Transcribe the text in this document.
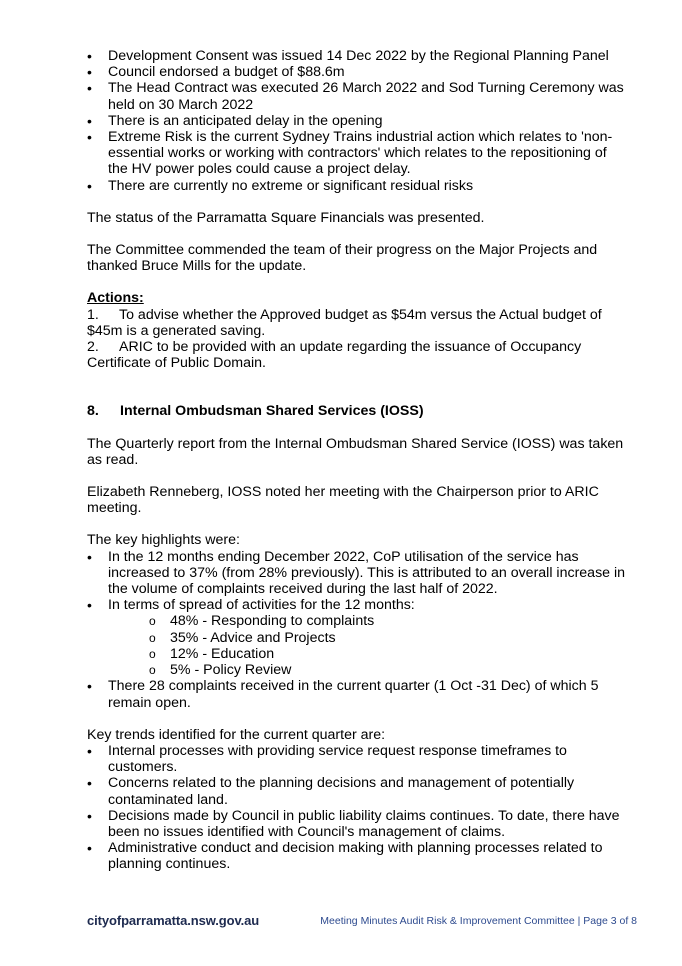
• Development Consent was issued 14 Dec 2022 by the Regional Planning Panel
• Council endorsed a budget of $88.6m
• The Head Contract was executed 26 March 2022 and Sod Turning Ceremony was held on 30 March 2022
• There is an anticipated delay in the opening
• Extreme Risk is the current Sydney Trains industrial action which relates to 'non-essential works or working with contractors' which relates to the repositioning of the HV power poles could cause a project delay.
• There are currently no extreme or significant residual risks

The status of the Parramatta Square Financials was presented.

The Committee commended the team of their progress on the Major Projects and thanked Bruce Mills for the update.

Actions:
1. To advise whether the Approved budget as $54m versus the Actual budget of $45m is a generated saving.
2. ARIC to be provided with an update regarding the issuance of Occupancy Certificate of Public Domain.
8. Internal Ombudsman Shared Services (IOSS)

The Quarterly report from the Internal Ombudsman Shared Service (IOSS) was taken as read.

Elizabeth Renneberg, IOSS noted her meeting with the Chairperson prior to ARIC meeting.

The key highlights were:

• In the 12 months ending December 2022, CoP utilisation of the service has increased to 37% (from 28% previously). This is attributed to an overall increase in the volume of complaints received during the last half of 2022.
• In terms of spread of activities for the 12 months:
o 48% - Responding to complaints
o 35% - Advice and Projects
o 12% - Education
o 5% - Policy Review
• There 28 complaints received in the current quarter (1 Oct -31 Dec) of which 5 remain open.

Key trends identified for the current quarter are:

• Internal processes with providing service request response timeframes to customers.
• Concerns related to the planning decisions and management of potentially contaminated land.
• Decisions made by Council in public liability claims continues. To date, there have been no issues identified with Council's management of claims.
• Administrative conduct and decision making with planning processes related to planning continues.
cityofparramatta.nsw.gov.au	Meeting Minutes Audit Risk & Improvement Committee | Page 3 of 8
